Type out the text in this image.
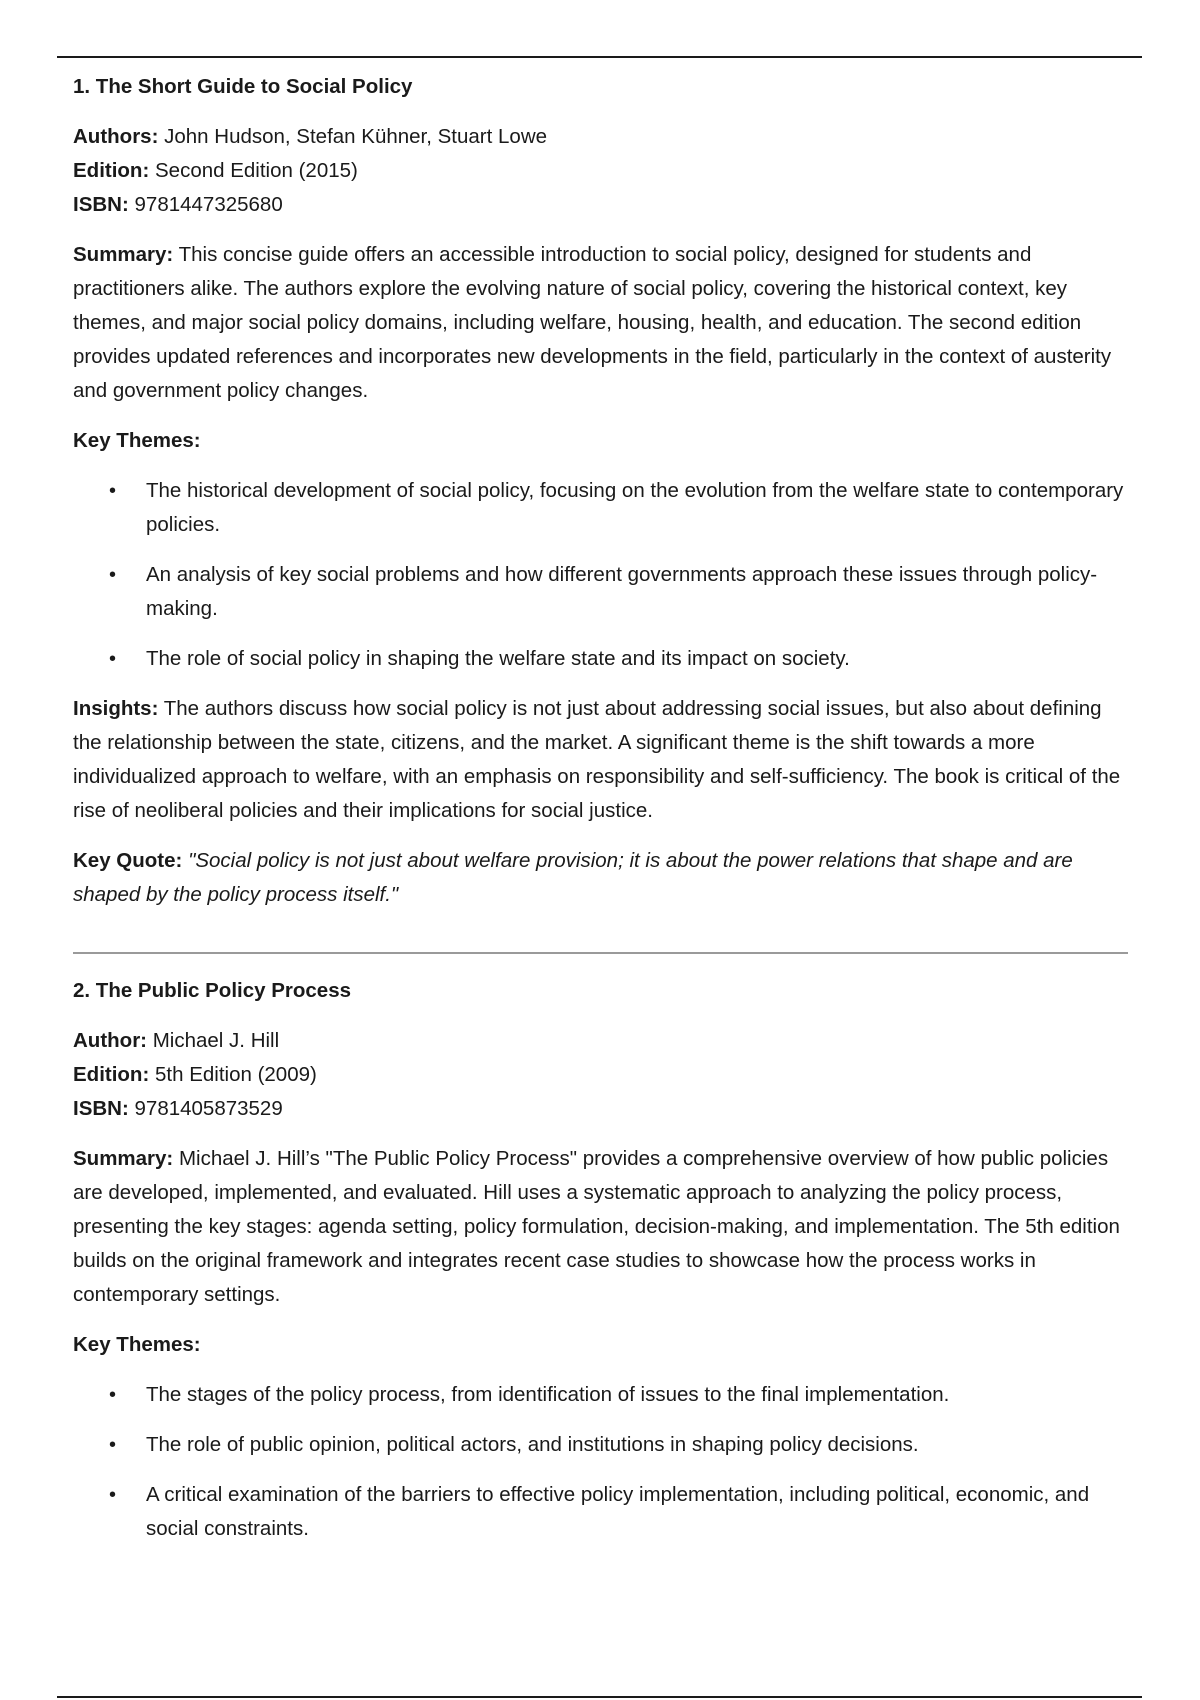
1. The Short Guide to Social Policy
Authors: John Hudson, Stefan Kühner, Stuart Lowe
Edition: Second Edition (2015)
ISBN: 9781447325680

Summary: This concise guide offers an accessible introduction to social policy, designed for students and practitioners alike. The authors explore the evolving nature of social policy, covering the historical context, key themes, and major social policy domains, including welfare, housing, health, and education. The second edition provides updated references and incorporates new developments in the field, particularly in the context of austerity and government policy changes.

Key Themes:
• The historical development of social policy, focusing on the evolution from the welfare state to contemporary policies.
• An analysis of key social problems and how different governments approach these issues through policy-making.
• The role of social policy in shaping the welfare state and its impact on society.

Insights: The authors discuss how social policy is not just about addressing social issues, but also about defining the relationship between the state, citizens, and the market. A significant theme is the shift towards a more individualized approach to welfare, with an emphasis on responsibility and self-sufficiency. The book is critical of the rise of neoliberal policies and their implications for social justice.

Key Quote: "Social policy is not just about welfare provision; it is about the power relations that shape and are shaped by the policy process itself."

2. The Public Policy Process
Author: Michael J. Hill
Edition: 5th Edition (2009)
ISBN: 9781405873529

Summary: Michael J. Hill’s "The Public Policy Process" provides a comprehensive overview of how public policies are developed, implemented, and evaluated. Hill uses a systematic approach to analyzing the policy process, presenting the key stages: agenda setting, policy formulation, decision-making, and implementation. The 5th edition builds on the original framework and integrates recent case studies to showcase how the process works in contemporary settings.

Key Themes:
• The stages of the policy process, from identification of issues to the final implementation.
• The role of public opinion, political actors, and institutions in shaping policy decisions.
• A critical examination of the barriers to effective policy implementation, including political, economic, and social constraints.
